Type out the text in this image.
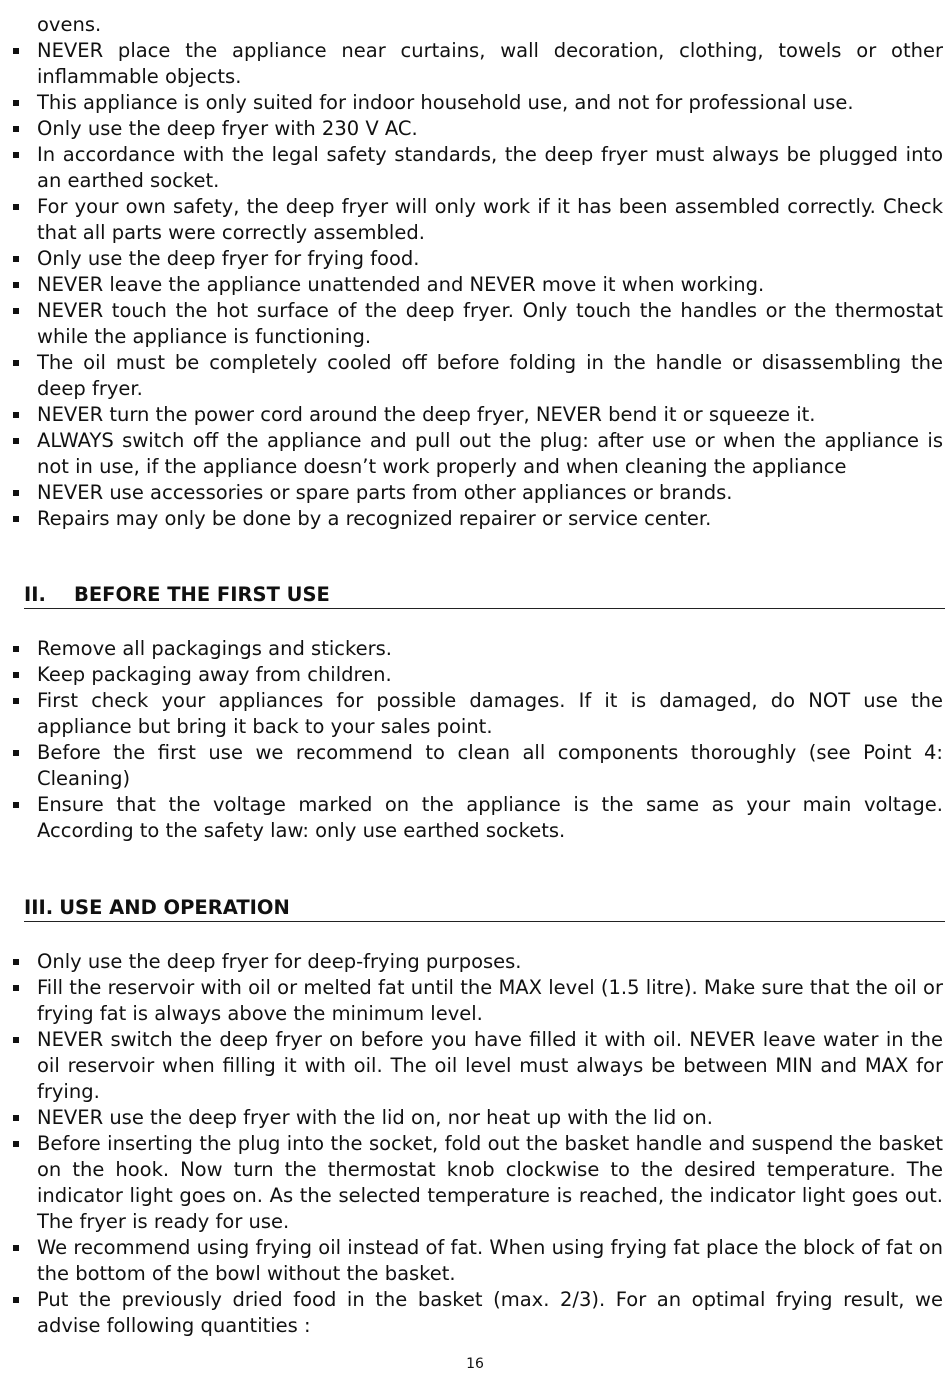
ovens.

NEVER place the appliance near curtains, wall decoration, clothing, towels or other inflammable objects.
This appliance is only suited for indoor household use, and not for professional use.
Only use the deep fryer with 230 V AC.
In accordance with the legal safety standards, the deep fryer must always be plugged into an earthed socket.
For your own safety, the deep fryer will only work if it has been assembled correctly. Check that all parts were correctly assembled.
Only use the deep fryer for frying food.
NEVER leave the appliance unattended and NEVER move it when working.
NEVER touch the hot surface of the deep fryer. Only touch the handles or the thermostat while the appliance is functioning.
The oil must be completely cooled off before folding in the handle or disassembling the deep fryer.
NEVER turn the power cord around the deep fryer, NEVER bend it or squeeze it.
ALWAYS switch off the appliance and pull out the plug: after use or when the appliance is not in use, if the appliance doesn’t work properly and when cleaning the appliance
NEVER use accessories or spare parts from other appliances or brands.
Repairs may only be done by a recognized repairer or service center.
II. BEFORE THE FIRST USE
Remove all packagings and stickers.
Keep packaging away from children.
First check your appliances for possible damages. If it is damaged, do NOT use the appliance but bring it back to your sales point.
Before the first use we recommend to clean all components thoroughly (see Point 4: Cleaning)
Ensure that the voltage marked on the appliance is the same as your main voltage. According to the safety law: only use earthed sockets.
III. USE AND OPERATION
Only use the deep fryer for deep-frying purposes.
Fill the reservoir with oil or melted fat until the MAX level (1.5 litre). Make sure that the oil or frying fat is always above the minimum level.
NEVER switch the deep fryer on before you have filled it with oil. NEVER leave water in the oil reservoir when filling it with oil. The oil level must always be between MIN and MAX for frying.
NEVER use the deep fryer with the lid on, nor heat up with the lid on.
Before inserting the plug into the socket, fold out the basket handle and suspend the basket on the hook. Now turn the thermostat knob clockwise to the desired temperature. The indicator light goes on. As the selected temperature is reached, the indicator light goes out. The fryer is ready for use.
We recommend using frying oil instead of fat. When using frying fat place the block of fat on the bottom of the bowl without the basket.
Put the previously dried food in the basket (max. 2/3). For an optimal frying result, we advise following quantities :
16
